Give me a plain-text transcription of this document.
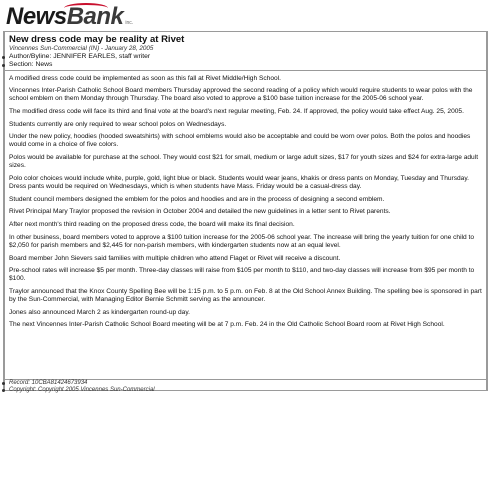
NewsBank inc.
New dress code may be reality at Rivet
Vincennes Sun-Commercial (IN) - January 28, 2005
Author/Byline: JENNIFER EARLES, staff writer
Section: News

A modified dress code could be implemented as soon as this fall at Rivet Middle/High School.

Vincennes Inter-Parish Catholic School Board members Thursday approved the second reading of a policy which would require students to wear polos with the school emblem on them Monday through Thursday. The board also voted to approve a $100 base tuition increase for the 2005-06 school year.

The modified dress code will face its third and final vote at the board's next regular meeting, Feb. 24. If approved, the policy would take effect Aug. 25, 2005.

Students currently are only required to wear school polos on Wednesdays.

Under the new policy, hoodies (hooded sweatshirts) with school emblems would also be acceptable and could be worn over polos. Both the polos and hoodies would come in a choice of five colors.

Polos would be available for purchase at the school. They would cost $21 for small, medium or large adult sizes, $17 for youth sizes and $24 for extra-large adult sizes.

Polo color choices would include white, purple, gold, light blue or black. Students would wear jeans, khakis or dress pants on Monday, Tuesday and Thursday. Dress pants would be required on Wednesdays, which is when students have Mass. Friday would be a casual-dress day.

Student council members designed the emblem for the polos and hoodies and are in the process of designing a second emblem.

Rivet Principal Mary Traylor proposed the revision in October 2004 and detailed the new guidelines in a letter sent to Rivet parents.

After next month's third reading on the proposed dress code, the board will make its final decision.

In other business, board members voted to approve a $100 tuition increase for the 2005-06 school year. The increase will bring the yearly tuition for one child to $2,050 for parish members and $2,445 for non-parish members, with kindergarten students now at an equal level.

Board member John Sievers said families with multiple children who attend Flaget or Rivet will receive a discount.

Pre-school rates will increase $5 per month. Three-day classes will raise from $105 per month to $110, and two-day classes will increase from $95 per month to $100.

Traylor announced that the Knox County Spelling Bee will be 1:15 p.m. to 5 p.m. on Feb. 8 at the Old School Annex Building. The spelling bee is sponsored in part by the Sun-Commercial, with Managing Editor Bernie Schmitt serving as the announcer.

Jones also announced March 2 as kindergarten round-up day.

The next Vincennes Inter-Parish Catholic School Board meeting will be at 7 p.m. Feb. 24 in the Old Catholic School Board room at Rivet High School.

Record: 10CBA81424673934
Copyright: Copyright 2005 Vincennes Sun-Commercial
